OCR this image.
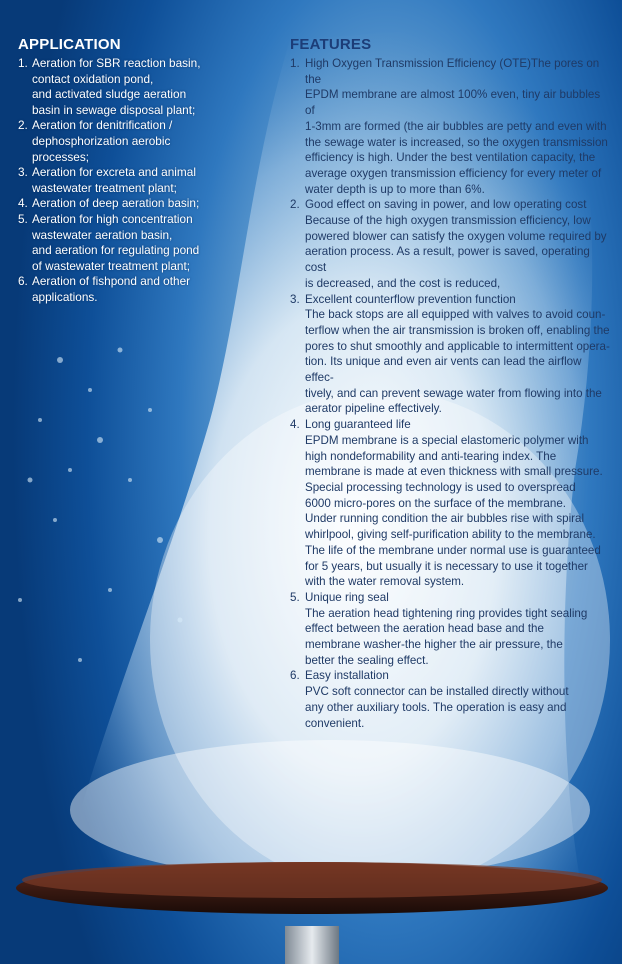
APPLICATION
1. Aeration for SBR reaction basin,
contact oxidation pond,
and activated sludge aeration
basin in sewage disposal plant;
2. Aeration for denitrification /
dephosphorization aerobic
processes;
3. Aeration for excreta and animal
wastewater treatment plant;
4. Aeration of deep aeration basin;
5. Aeration for high concentration
wastewater aeration basin,
and aeration for regulating pond
of wastewater treatment plant;
6. Aeration of fishpond and other
applications.
FEATURES
1. High Oxygen Transmission Efficiency (OTE)The pores on the
EPDM membrane are almost 100% even, tiny air bubbles of
1-3mm are formed (the air bubbles are petty and even with
the sewage water is increased, so the oxygen transmission
efficiency is high. Under the best ventilation capacity, the
average oxygen transmission efficiency for every meter of
water depth is up to more than 6%.
2. Good effect on saving in power, and low operating cost
Because of the high oxygen transmission efficiency, low
powered blower can satisfy the oxygen volume required by
aeration process. As a result, power is saved, operating cost
is decreased, and the cost is reduced,
3. Excellent counterflow prevention function
The back stops are all equipped with valves to avoid coun-
terflow when the air transmission is broken off, enabling the
pores to shut smoothly and applicable to intermittent opera-
tion. Its unique and even air vents can lead the airflow effec-
tively, and can prevent sewage water from flowing into the
aerator pipeline effectively.
4. Long guaranteed life
EPDM membrane is a special elastomeric polymer with
high nondeformability and anti-tearing index. The
membrane is made at even thickness with small pressure.
Special processing technology is used to overspread
6000 micro-pores on the surface of the membrane.
Under running condition the air bubbles rise with spiral
whirlpool, giving self-purification ability to the membrane.
The life of the membrane under normal use is guaranteed
for 5 years, but usually it is necessary to use it together
with the water removal system.
5. Unique ring seal
The aeration head tightening ring provides tight sealing
effect between the aeration head base and the
membrane washer-the higher the air pressure, the
better the sealing effect.
6. Easy installation
PVC soft connector can be installed directly without
any other auxiliary tools. The operation is easy and
convenient.
